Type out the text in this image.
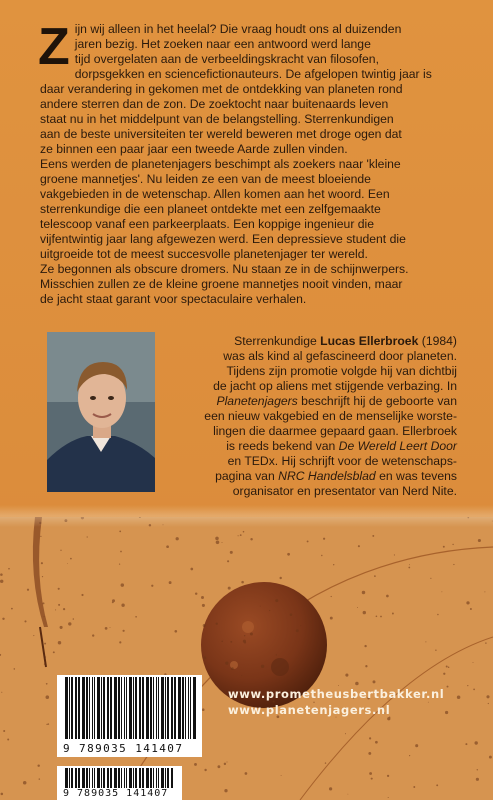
Z ijn wij alleen in het heelal? Die vraag houdt ons al duizenden

jaren bezig. Het zoeken naar een antwoord werd lange

tijd overgelaten aan de verbeeldingskracht van filosofen,

dorpsgekken en sciencefictionauteurs. De afgelopen twintig jaar is

daar verandering in gekomen met de ontdekking van planeten rond

andere sterren dan de zon. De zoektocht naar buitenaards leven

staat nu in het middelpunt van de belangstelling. Sterrenkundigen

aan de beste universiteiten ter wereld beweren met droge ogen dat

ze binnen een paar jaar een tweede Aarde zullen vinden.

Eens werden de planetenjagers beschimpt als zoekers naar 'kleine

groene mannetjes'. Nu leiden ze een van de meest bloeiende

vakgebieden in de wetenschap. Allen komen aan het woord. Een

sterrenkundige die een planeet ontdekte met een zelfgemaakte

telescoop vanaf een parkeerplaats. Een koppige ingenieur die

vijfentwintig jaar lang afgewezen werd. Een depressieve student die

uitgroeide tot de meest succesvolle planetenjager ter wereld.

Ze begonnen als obscure dromers. Nu staan ze in de schijnwerpers.

Misschien zullen ze de kleine groene mannetjes nooit vinden, maar

de jacht staat garant voor spectaculaire verhalen.

Sterrenkundige Lucas Ellerbroek (1984)

was als kind al gefascineerd door planeten.

Tijdens zijn promotie volgde hij van dichtbij

de jacht op aliens met stijgende verbazing. In

Planetenjagers beschrijft hij de geboorte van

een nieuw vakgebied en de menselijke worste-

lingen die daarmee gepaard gaan. Ellerbroek

is reeds bekend van De Wereld Leert Door

en TEDx. Hij schrijft voor de wetenschaps-

pagina van NRC Handelsblad en was tevens

organisator en presentator van Nerd Nite.

www.prometheusbertbakker.nl
www.planetenjagers.nl
9 789035 141407
9 789035 141407
